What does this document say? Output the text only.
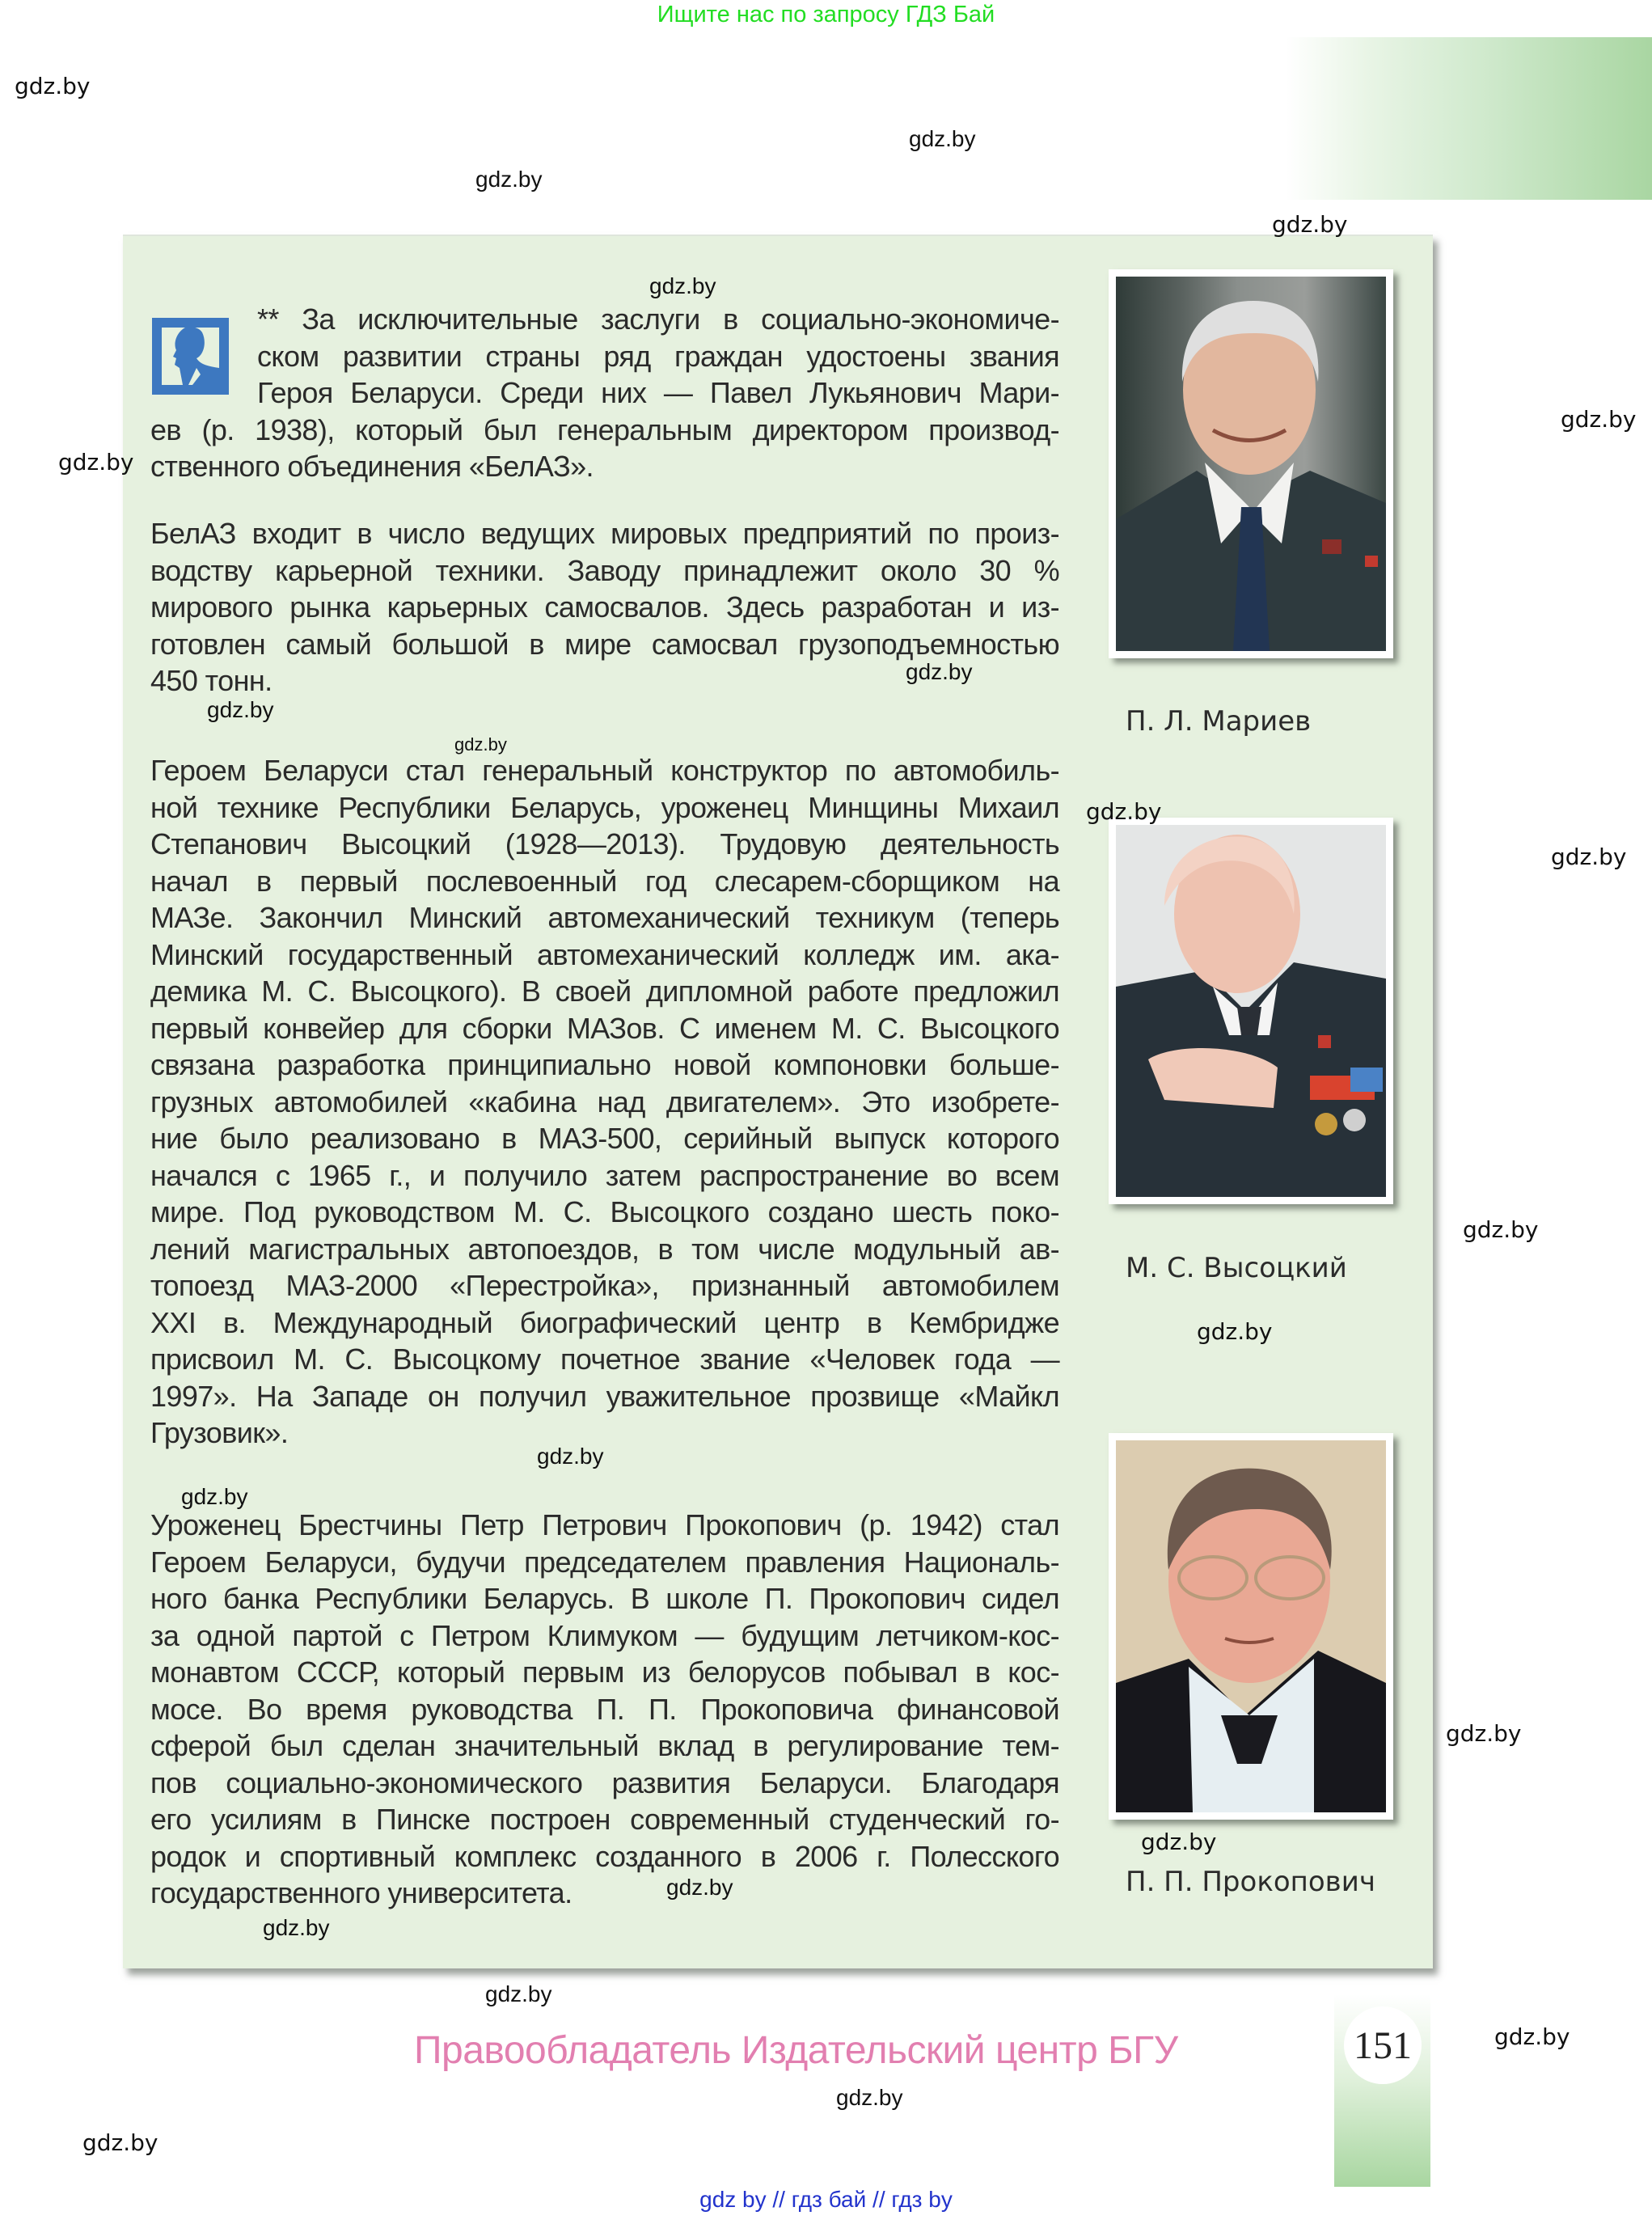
Ищите нас по запросу ГДЗ Бай
** За исключительные заслуги в социально-экономиче-
ском развитии страны ряд граждан удостоены звания
Героя Беларуси. Среди них — Павел Лукьянович Мари-
ев (р. 1938), который был генеральным директором производ-
ственного объединения «БелАЗ».
БелАЗ входит в число ведущих мировых предприятий по произ-
водству карьерной техники. Заводу принадлежит около 30 %
мирового рынка карьерных самосвалов. Здесь разработан и из-
готовлен самый большой в мире самосвал грузоподъемностью
450 тонн.
Героем Беларуси стал генеральный конструктор по автомобиль-
ной технике Республики Беларусь, уроженец Минщины Михаил
Степанович Высоцкий (1928—2013). Трудовую деятельность
начал в первый послевоенный год слесарем-сборщиком на
МАЗе. Закончил Минский автомеханический техникум (теперь
Минский государственный автомеханический колледж им. ака-
демика М. С. Высоцкого). В своей дипломной работе предложил
первый конвейер для сборки МАЗов. С именем М. С. Высоцкого
связана разработка принципиально новой компоновки больше-
грузных автомобилей «кабина над двигателем». Это изобрете-
ние было реализовано в МАЗ-500, серийный выпуск которого
начался с 1965 г., и получило затем распространение во всем
мире. Под руководством М. С. Высоцкого создано шесть поко-
лений магистральных автопоездов, в том числе модульный ав-
топоезд МАЗ-2000 «Перестройка», признанный автомобилем
XXI в. Международный биографический центр в Кембридже
присвоил М. С. Высоцкому почетное звание «Человек года —
1997». На Западе он получил уважительное прозвище «Майкл
Грузовик».
Уроженец Брестчины Петр Петрович Прокопович (р. 1942) стал
Героем Беларуси, будучи председателем правления Националь-
ного банка Республики Беларусь. В школе П. Прокопович сидел
за одной партой с Петром Климуком — будущим летчиком-кос-
монавтом СССР, который первым из белорусов побывал в кос-
мосе. Во время руководства П. П. Прокоповича финансовой
сферой был сделан значительный вклад в регулирование тем-
пов социально-экономического развития Беларуси. Благодаря
его усилиям в Пинске построен современный студенческий го-
родок и спортивный комплекс созданного в 2006 г. Полесского
государственного университета.
П. Л. Мариев
М. С. Высоцкий
П. П. Прокопович
Правообладатель Издательский центр БГУ	151
gdz by // гдз бай // гдз by
gdz.by
gdz.by
gdz.by
gdz.by
gdz.by
gdz.by
gdz.by
gdz.by
gdz.by
gdz.by
gdz.by
gdz.by
gdz.by
gdz.by
gdz.by
gdz.by
gdz.by
gdz.by
gdz.by
gdz.by
gdz.by
gdz.by
gdz.by
gdz.by
